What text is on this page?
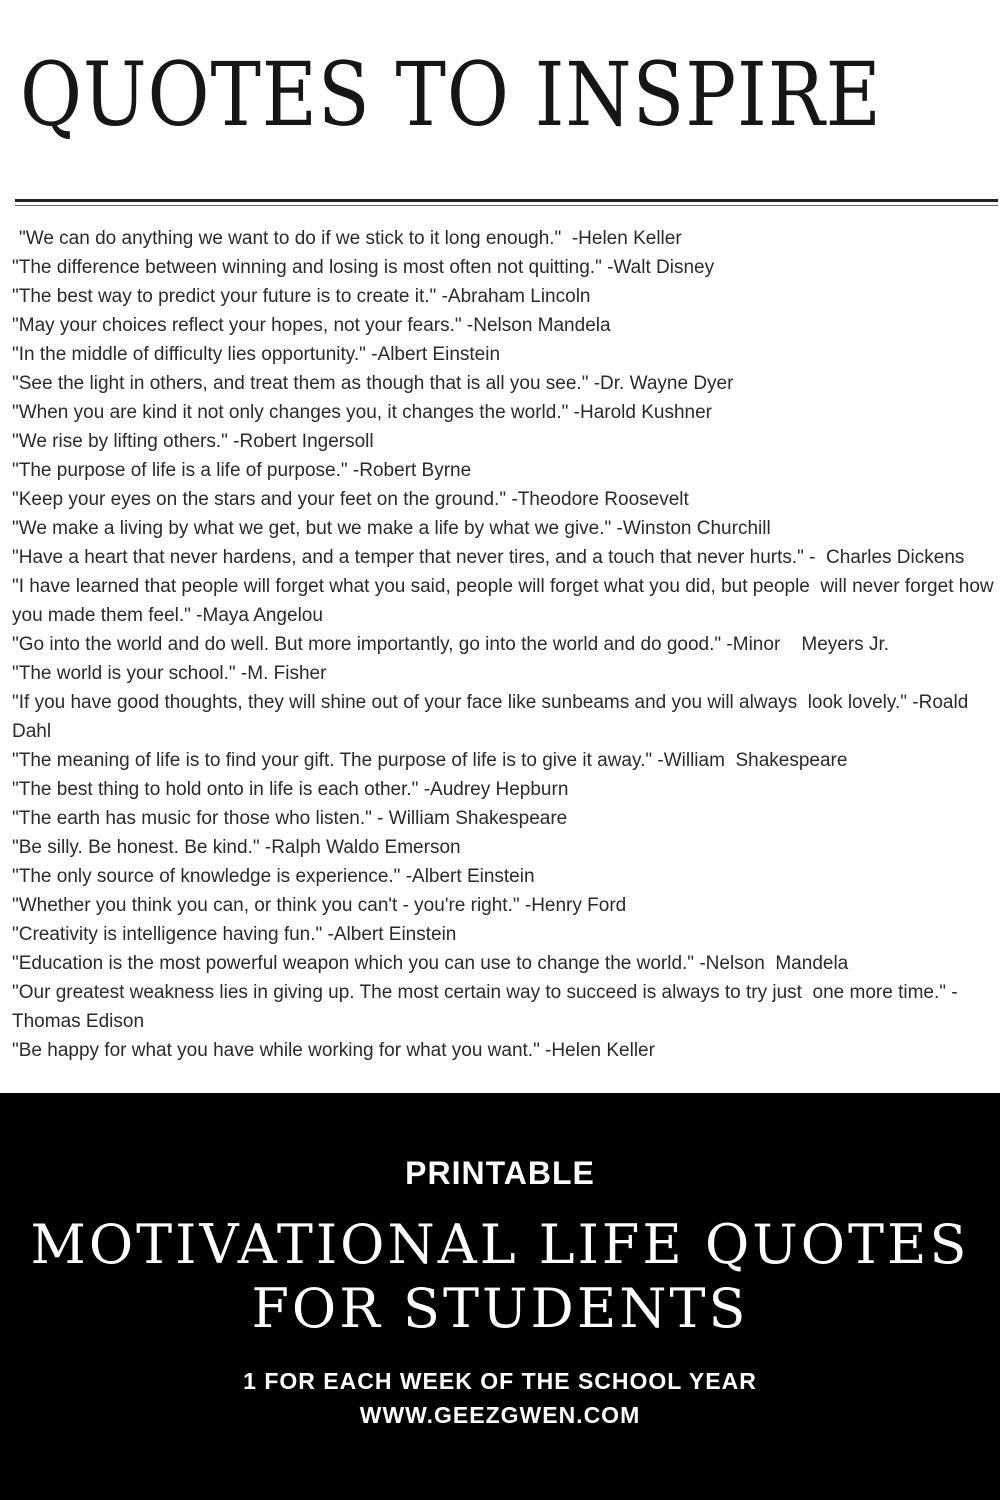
QUOTES TO INSPIRE

"We can do anything we want to do if we stick to it long enough."  -Helen Keller

"The difference between winning and losing is most often not quitting." -Walt Disney

"The best way to predict your future is to create it." -Abraham Lincoln

"May your choices reflect your hopes, not your fears." -Nelson Mandela

"In the middle of difficulty lies opportunity." -Albert Einstein

"See the light in others, and treat them as though that is all you see." -Dr. Wayne Dyer

"When you are kind it not only changes you, it changes the world." -Harold Kushner

"We rise by lifting others." -Robert Ingersoll

"The purpose of life is a life of purpose." -Robert Byrne

"Keep your eyes on the stars and your feet on the ground." -Theodore Roosevelt

"We make a living by what we get, but we make a life by what we give." -Winston Churchill

"Have a heart that never hardens, and a temper that never tires, and a touch that never hurts." -  Charles Dickens

"I have learned that people will forget what you said, people will forget what you did, but people  will never forget how you made them feel." -Maya Angelou

"Go into the world and do well. But more importantly, go into the world and do good." -Minor    Meyers Jr.

"The world is your school." -M. Fisher

"If you have good thoughts, they will shine out of your face like sunbeams and you will always  look lovely." -Roald Dahl

"The meaning of life is to find your gift. The purpose of life is to give it away." -William  Shakespeare

"The best thing to hold onto in life is each other." -Audrey Hepburn

"The earth has music for those who listen." - William Shakespeare

"Be silly. Be honest. Be kind." -Ralph Waldo Emerson

"The only source of knowledge is experience." -Albert Einstein

"Whether you think you can, or think you can't - you're right." -Henry Ford

"Creativity is intelligence having fun." -Albert Einstein

"Education is the most powerful weapon which you can use to change the world." -Nelson  Mandela

"Our greatest weakness lies in giving up. The most certain way to succeed is always to try just  one more time." -Thomas Edison

"Be happy for what you have while working for what you want." -Helen Keller

PRINTABLE
MOTIVATIONAL LIFE QUOTES
FOR STUDENTS
1 FOR EACH WEEK OF THE SCHOOL YEAR
WWW.GEEZGWEN.COM
